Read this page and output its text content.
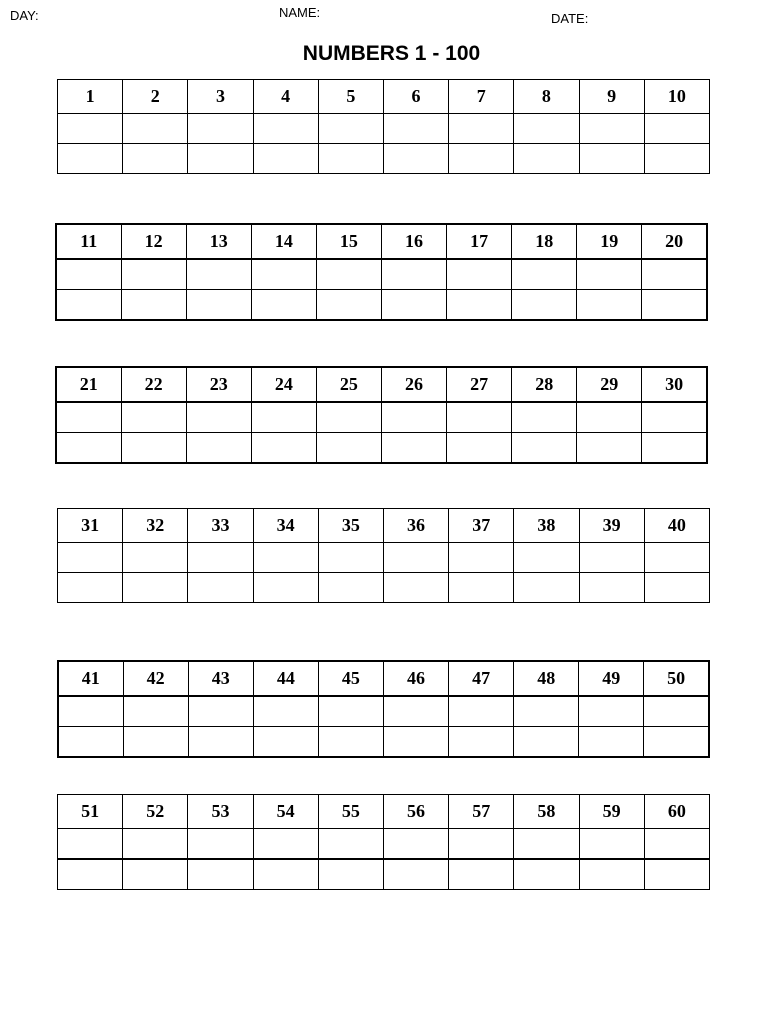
DAY:	NAME:	DATE:
NUMBERS 1 - 100
1	2	3	4	5	6	7	8	9	10

11	12	13	14	15	16	17	18	19	20

21	22	23	24	25	26	27	28	29	30

31	32	33	34	35	36	37	38	39	40

41	42	43	44	45	46	47	48	49	50

51	52	53	54	55	56	57	58	59	60
